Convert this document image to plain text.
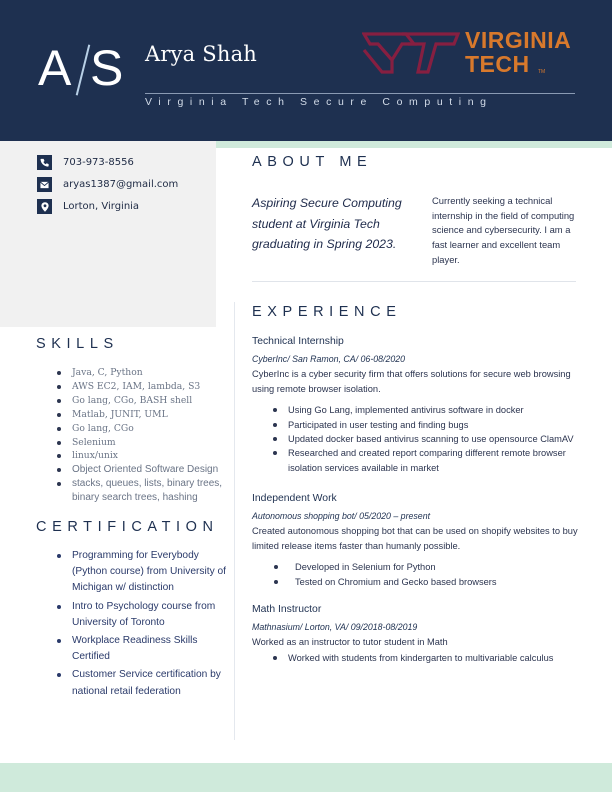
A S Arya Shah
Virginia Tech Secure Computing
VIRGINIA
TECH TM
703-973-8556
aryas1387@gmail.com
Lorton, Virginia
SKILLS
Java, C, Python
AWS EC2, IAM, lambda, S3
Go lang, CGo, BASH shell
Matlab, JUNIT, UML
Go lang, CGo
Selenium
linux/unix
Object Oriented Software Design
stacks, queues, lists, binary trees, binary search trees, hashing
CERTIFICATION
Programming for Everybody (Python course) from University of Michigan w/ distinction
Intro to Psychology course from University of Toronto
Workplace Readiness Skills Certified
Customer Service certification by national retail federation
ABOUT ME
Aspiring Secure Computing student at Virginia Tech graduating in Spring 2023.
Currently seeking a technical internship in the field of computing science and cybersecurity. I am a fast learner and excellent team player.
EXPERIENCE
Technical Internship
CyberInc/ San Ramon, CA/ 06-08/2020
CyberInc is a cyber security firm that offers solutions for secure web browsing using remote browser isolation.
Using Go Lang, implemented antivirus software in docker
Participated in user testing and finding bugs
Updated docker based antivirus scanning to use opensource ClamAV
Researched and created report comparing different remote browser isolation services available in market
Independent Work
Autonomous shopping bot/ 05/2020 – present
Created autonomous shopping bot that can be used on shopify websites to buy limited release items faster than humanly possible.
Developed in Selenium for Python
Tested on Chromium and Gecko based browsers
Math Instructor
Mathnasium/ Lorton, VA/ 09/2018-08/2019
Worked as an instructor to tutor student in Math
Worked with students from kindergarten to multivariable calculus
